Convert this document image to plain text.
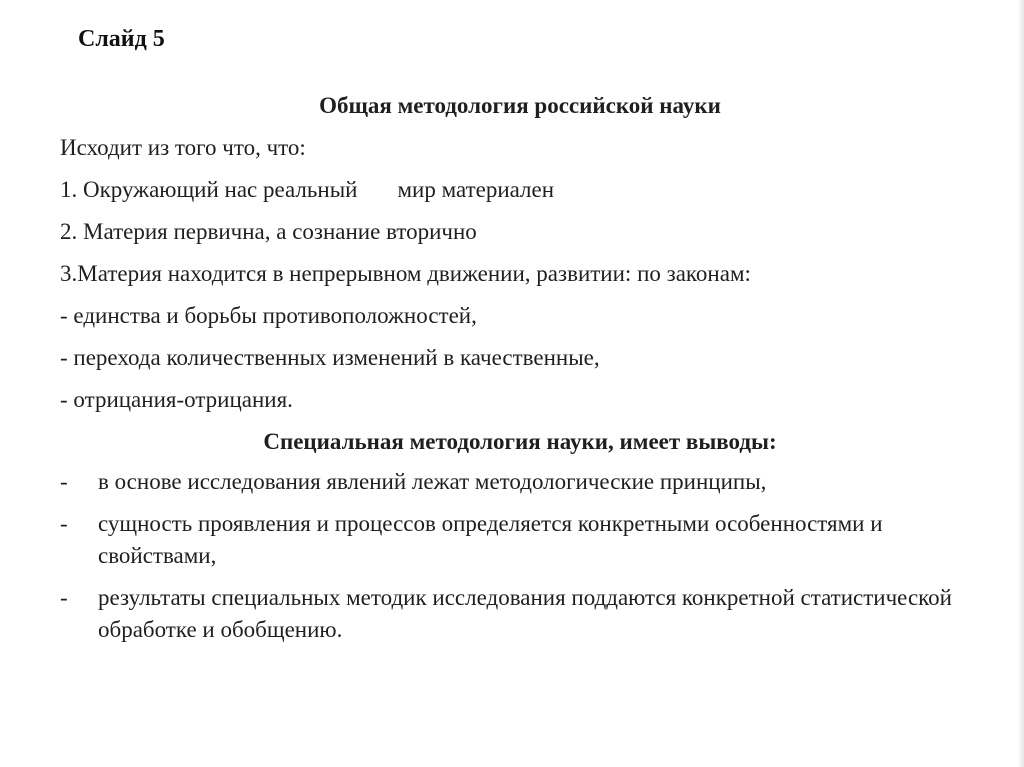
Слайд 5
Общая методология российской науки
Исходит из того что, что:
1. Окружающий нас реальный мир материален
2. Материя первична, а сознание вторично
3.Материя находится в непрерывном движении, развитии: по законам:
- единства и борьбы противоположностей,
- перехода количественных изменений в качественные,
- отрицания-отрицания.
Специальная методология науки, имеет выводы:
- в основе исследования явлений лежат методологические принципы,
- сущность проявления и процессов определяется конкретными особенностями и свойствами,
- результаты специальных методик исследования поддаются конкретной статистической обработке и обобщению.
